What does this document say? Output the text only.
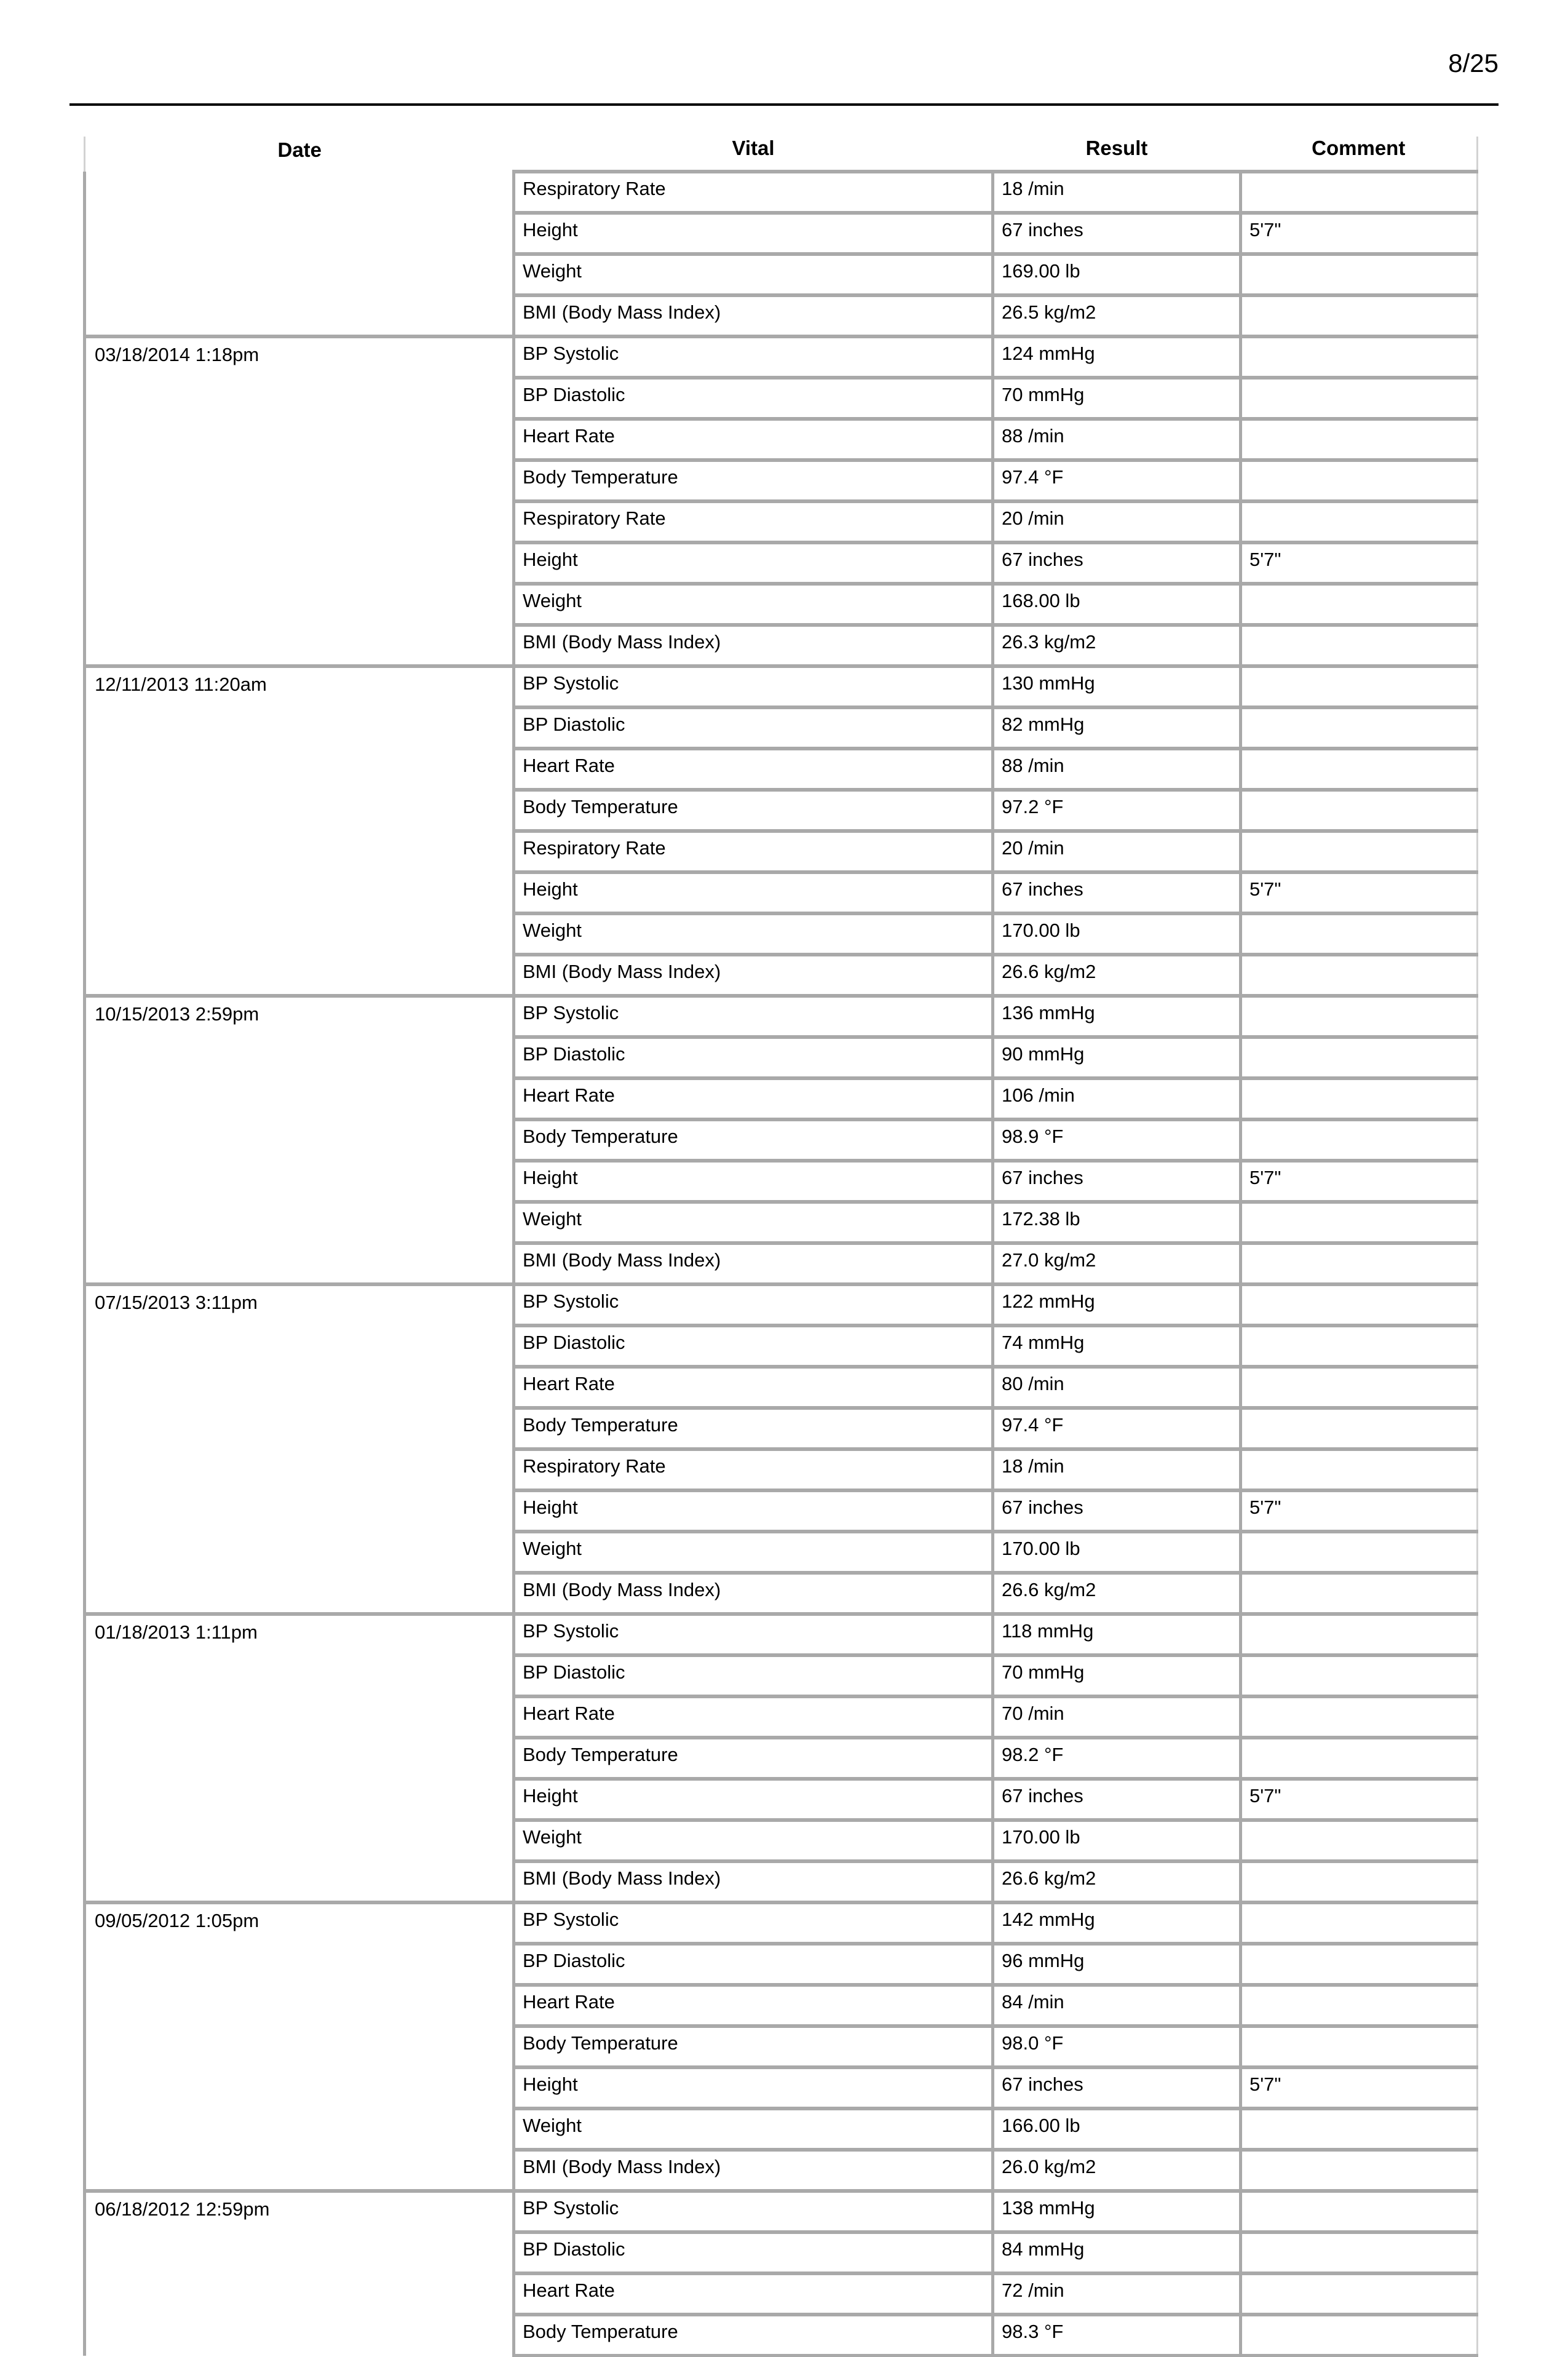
8/25
Date	Vital	Result	Comment
	Respiratory Rate	18 /min	
	Height	67 inches	5'7"
	Weight	169.00 lb	
	BMI (Body Mass Index)	26.5 kg/m2	
03/18/2014 1:18pm	BP Systolic	124 mmHg	
	BP Diastolic	70 mmHg	
	Heart Rate	88 /min	
	Body Temperature	97.4 °F	
	Respiratory Rate	20 /min	
	Height	67 inches	5'7"
	Weight	168.00 lb	
	BMI (Body Mass Index)	26.3 kg/m2	
12/11/2013 11:20am	BP Systolic	130 mmHg	
	BP Diastolic	82 mmHg	
	Heart Rate	88 /min	
	Body Temperature	97.2 °F	
	Respiratory Rate	20 /min	
	Height	67 inches	5'7"
	Weight	170.00 lb	
	BMI (Body Mass Index)	26.6 kg/m2	
10/15/2013 2:59pm	BP Systolic	136 mmHg	
	BP Diastolic	90 mmHg	
	Heart Rate	106 /min	
	Body Temperature	98.9 °F	
	Height	67 inches	5'7"
	Weight	172.38 lb	
	BMI (Body Mass Index)	27.0 kg/m2	
07/15/2013 3:11pm	BP Systolic	122 mmHg	
	BP Diastolic	74 mmHg	
	Heart Rate	80 /min	
	Body Temperature	97.4 °F	
	Respiratory Rate	18 /min	
	Height	67 inches	5'7"
	Weight	170.00 lb	
	BMI (Body Mass Index)	26.6 kg/m2	
01/18/2013 1:11pm	BP Systolic	118 mmHg	
	BP Diastolic	70 mmHg	
	Heart Rate	70 /min	
	Body Temperature	98.2 °F	
	Height	67 inches	5'7"
	Weight	170.00 lb	
	BMI (Body Mass Index)	26.6 kg/m2	
09/05/2012 1:05pm	BP Systolic	142 mmHg	
	BP Diastolic	96 mmHg	
	Heart Rate	84 /min	
	Body Temperature	98.0 °F	
	Height	67 inches	5'7"
	Weight	166.00 lb	
	BMI (Body Mass Index)	26.0 kg/m2	
06/18/2012 12:59pm	BP Systolic	138 mmHg	
	BP Diastolic	84 mmHg	
	Heart Rate	72 /min	
	Body Temperature	98.3 °F	
